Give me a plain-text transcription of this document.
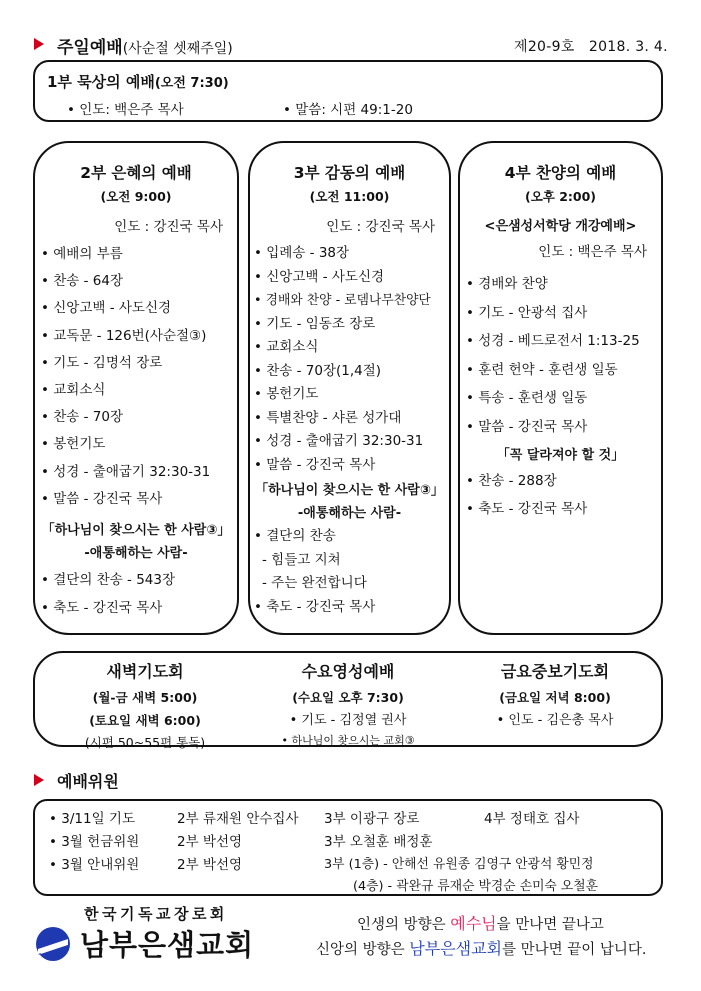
주일예배(사순절 셋째주일)	제20-9호 2018. 3. 4.
1부 묵상의 예배(오전 7:30)
• 인도: 백은주 목사	• 말씀: 시편 49:1-20
2부 은혜의 예배
(오전 9:00)
인도 : 강진국 목사
• 예배의 부름
• 찬송 - 64장
• 신앙고백 - 사도신경
• 교독문 - 126번(사순절③)
• 기도 - 김명석 장로
• 교회소식
• 찬송 - 70장
• 봉헌기도
• 성경 - 출애굽기 32:30-31
• 말씀 - 강진국 목사
「하나님이 찾으시는 한 사람③」
-애통해하는 사람-
• 결단의 찬송 - 543장
• 축도 - 강진국 목사
3부 감동의 예배
(오전 11:00)
인도 : 강진국 목사
• 입례송 - 38장
• 신앙고백 - 사도신경
• 경배와 찬양 - 로뎀나무찬양단
• 기도 - 임동조 장로
• 교회소식
• 찬송 - 70장(1,4절)
• 봉헌기도
• 특별찬양 - 샤론 성가대
• 성경 - 출애굽기 32:30-31
• 말씀 - 강진국 목사
「하나님이 찾으시는 한 사람③」
-애통해하는 사람-
• 결단의 찬송
- 힘들고 지쳐
- 주는 완전합니다
• 축도 - 강진국 목사
4부 찬양의 예배
(오후 2:00)
<은샘성서학당 개강예배>
인도 : 백은주 목사
• 경배와 찬양
• 기도 - 안광석 집사
• 성경 - 베드로전서 1:13-25
• 훈련 헌약 - 훈련생 일동
• 특송 - 훈련생 일동
• 말씀 - 강진국 목사
「꼭 달라져야 할 것」
• 찬송 - 288장
• 축도 - 강진국 목사
새벽기도회
(월-금 새벽 5:00)
(토요일 새벽 6:00)
(시편 50~55편 통독)
수요영성예배
(수요일 오후 7:30)
• 기도 - 김정열 권사
• 하나님이 찾으시는 교회③
금요중보기도회
(금요일 저녁 8:00)
• 인도 - 김은총 목사
예배위원
• 3/11일 기도	2부 류재원 안수집사	3부 이광구 장로	4부 정태호 집사
• 3월 헌금위원	2부 박선영	3부 오철훈 배정훈
• 3월 안내위원	2부 박선영	3부 (1층) - 안해선 유원종 김영구 안광석 황민정
(4층) - 곽완규 류재순 박경순 손미숙 오철훈
한국기독교장로회
남부은샘교회
인생의 방향은 예수님을 만나면 끝나고
신앙의 방향은 남부은샘교회를 만나면 끝이 납니다.
